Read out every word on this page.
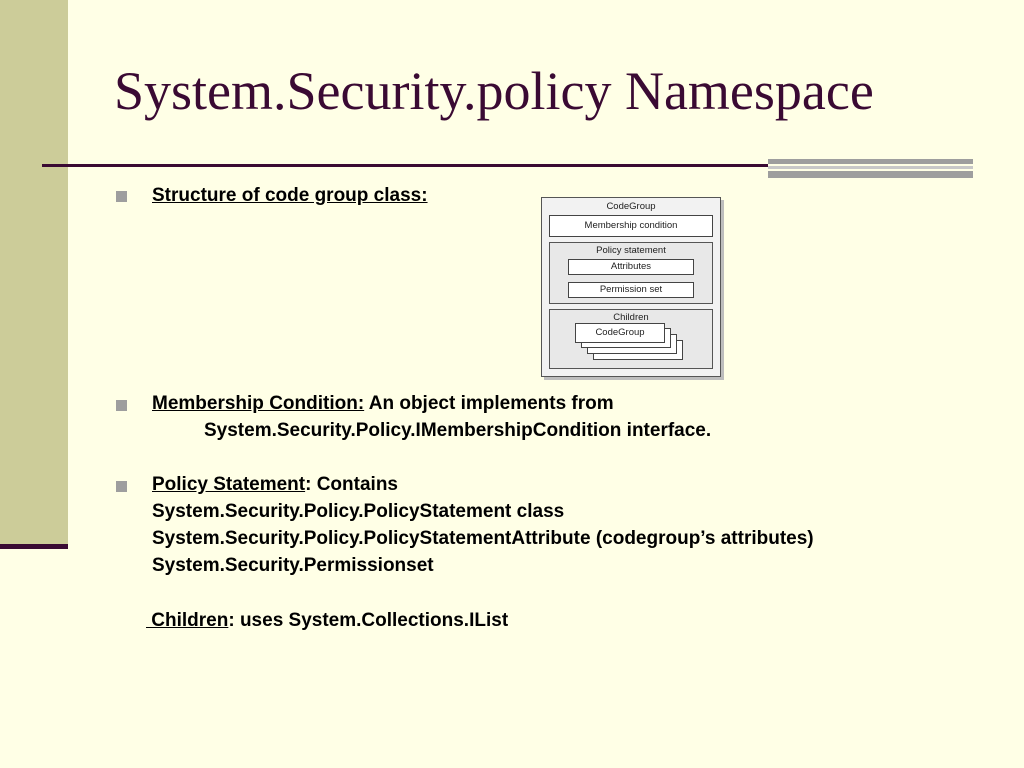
System.Security.policy Namespace
Structure of code group class:
CodeGroup
Membership condition
Policy statement
Attributes
Permission set
Children
CodeGroup
Membership Condition: An object implements from
System.Security.Policy.IMembershipCondition interface.
Policy Statement: Contains
System.Security.Policy.PolicyStatement class
System.Security.Policy.PolicyStatementAttribute (codegroup’s attributes)
System.Security.Permissionset
Children: uses System.Collections.IList
